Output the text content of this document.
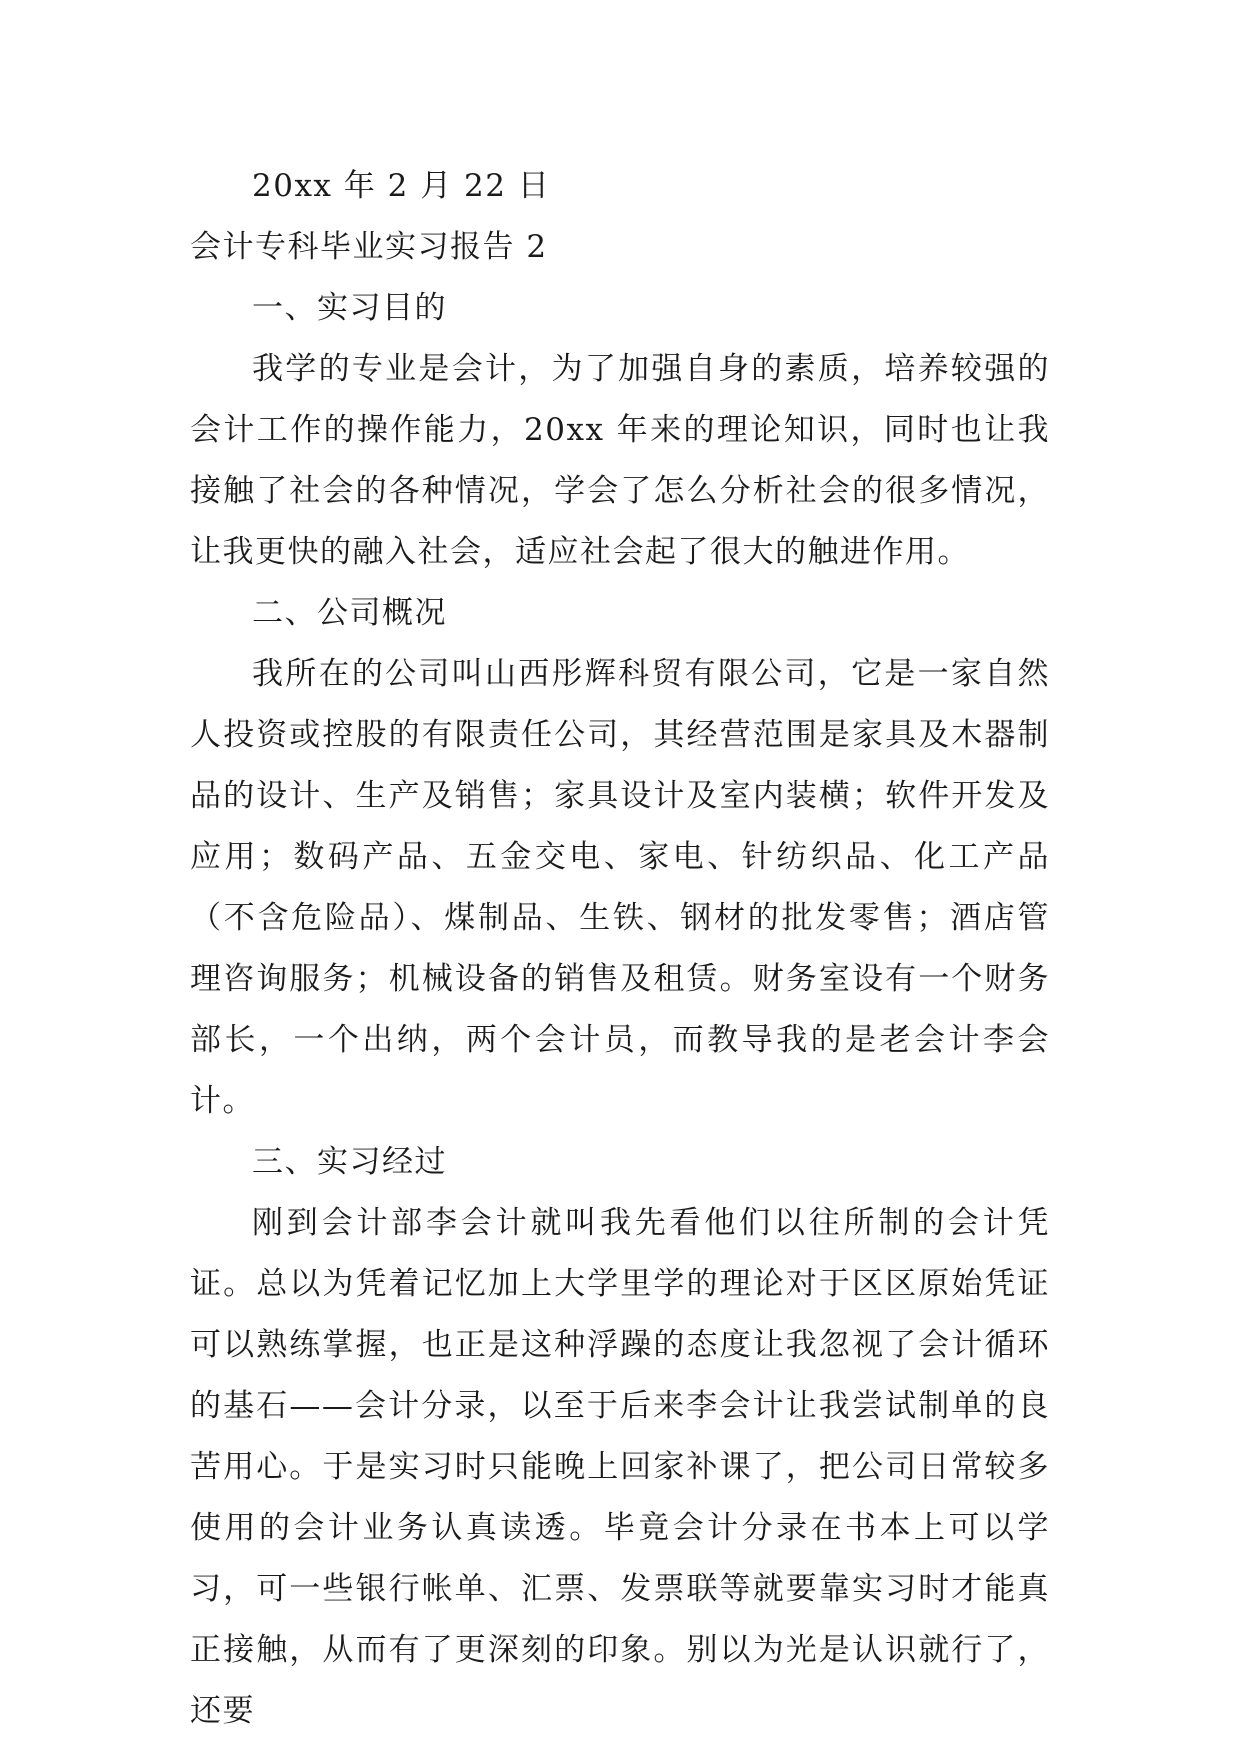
20xx 年 2 月 22 日
会计专科毕业实习报告 2
一、实习目的

我学的专业是会计，为了加强自身的素质，培养较强的会计工作的操作能力，20xx 年来的理论知识，同时也让我接触了社会的各种情况，学会了怎么分析社会的很多情况，让我更快的融入社会，适应社会起了很大的触进作用。

二、公司概况

我所在的公司叫山西彤辉科贸有限公司，它是一家自然人投资或控股的有限责任公司，其经营范围是家具及木器制品的设计、生产及销售；家具设计及室内装横；软件开发及应用；数码产品、五金交电、家电、针纺织品、化工产品（不含危险品）、煤制品、生铁、钢材的批发零售；酒店管理咨询服务；机械设备的销售及租赁。财务室设有一个财务部长，一个出纳，两个会计员，而教导我的是老会计李会计。

三、实习经过

刚到会计部李会计就叫我先看他们以往所制的会计凭证。总以为凭着记忆加上大学里学的理论对于区区原始凭证可以熟练掌握，也正是这种浮躁的态度让我忽视了会计循环的基石——会计分录，以至于后来李会计让我尝试制单的良苦用心。于是实习时只能晚上回家补课了，把公司日常较多使用的会计业务认真读透。毕竟会计分录在书本上可以学习，可一些银行帐单、汇票、发票联等就要靠实习时才能真正接触，从而有了更深刻的印象。别以为光是认识就行了，还要
